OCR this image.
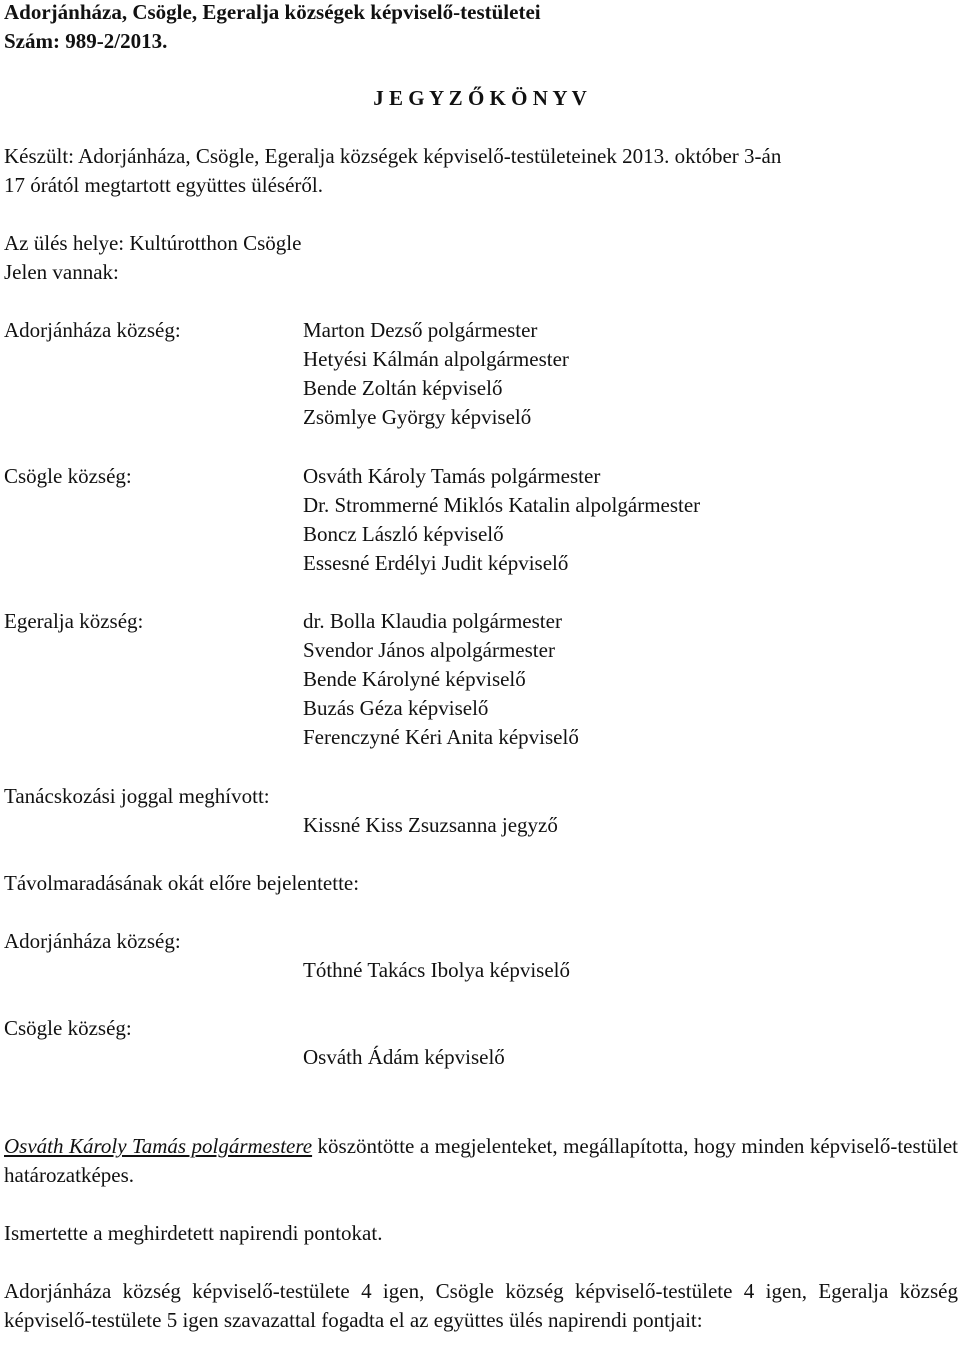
Adorjánháza, Csögle, Egeralja községek képviselő-testületei
Szám: 989-2/2013.
J E G Y Z Ő K Ö N Y V
Készült: Adorjánháza, Csögle, Egeralja községek képviselő-testületeinek 2013. október 3-án
17 órától megtartott együttes üléséről.
Az ülés helye: Kultúrotthon Csögle
Jelen vannak:
Adorjánháza község:	Marton Dezső polgármester
Hetyési Kálmán alpolgármester
Bende Zoltán képviselő
Zsömlye György képviselő
Csögle község:	Osváth Károly Tamás polgármester
Dr. Strommerné Miklós Katalin alpolgármester
Boncz László képviselő
Essesné Erdélyi Judit képviselő
Egeralja község:	dr. Bolla Klaudia polgármester
Svendor János alpolgármester
Bende Károlyné képviselő
Buzás Géza képviselő
Ferenczyné Kéri Anita képviselő
Tanácskozási joggal meghívott:
Kissné Kiss Zsuzsanna jegyző
Távolmaradásának okát előre bejelentette:
Adorjánháza község:
Tóthné Takács Ibolya képviselő
Csögle község:
Osváth Ádám képviselő
Osváth Károly Tamás polgármestere köszöntötte a megjelenteket, megállapította, hogy minden képviselő-testület határozatképes.
Ismertette a meghirdetett napirendi pontokat.
Adorjánháza község képviselő-testülete 4 igen, Csögle község képviselő-testülete 4 igen, Egeralja község képviselő-testülete 5 igen szavazattal fogadta el az együttes ülés napirendi pontjait:
